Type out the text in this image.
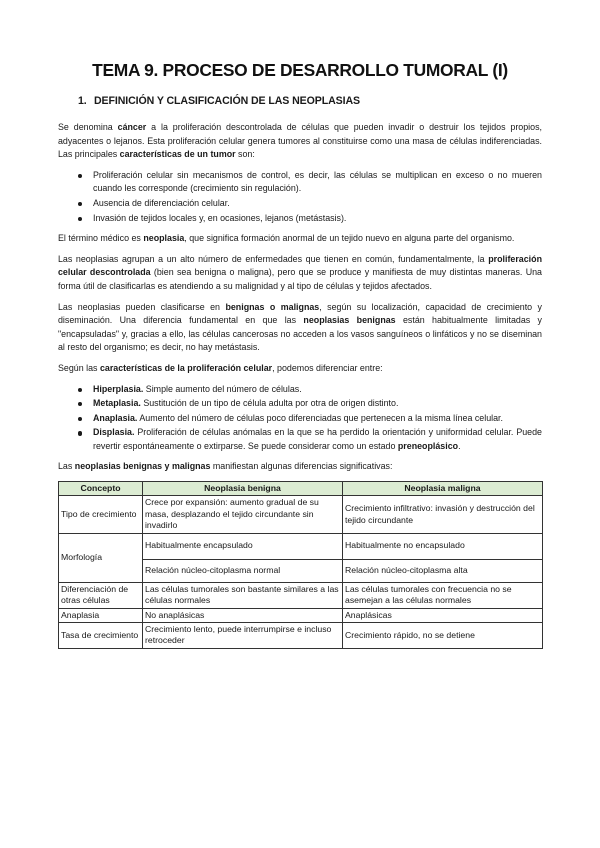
TEMA 9. PROCESO DE DESARROLLO TUMORAL (I)
1. DEFINICIÓN Y CLASIFICACIÓN DE LAS NEOPLASIAS

Se denomina cáncer a la proliferación descontrolada de células que pueden invadir o destruir los tejidos propios, adyacentes o lejanos. Esta proliferación celular genera tumores al constituirse como una masa de células indiferenciadas. Las principales características de un tumor son:

Proliferación celular sin mecanismos de control, es decir, las células se multiplican en exceso o no mueren cuando les corresponde (crecimiento sin regulación).
Ausencia de diferenciación celular.
Invasión de tejidos locales y, en ocasiones, lejanos (metástasis).

El término médico es neoplasia, que significa formación anormal de un tejido nuevo en alguna parte del organismo.

Las neoplasias agrupan a un alto número de enfermedades que tienen en común, fundamentalmente, la proliferación celular descontrolada (bien sea benigna o maligna), pero que se produce y manifiesta de muy distintas maneras. Una forma útil de clasificarlas es atendiendo a su malignidad y al tipo de células y tejidos afectados.

Las neoplasias pueden clasificarse en benignas o malignas, según su localización, capacidad de crecimiento y diseminación. Una diferencia fundamental en que las neoplasias benignas están habitualmente limitadas y "encapsuladas" y, gracias a ello, las células cancerosas no acceden a los vasos sanguíneos o linfáticos y no se diseminan al resto del organismo; es decir, no hay metástasis.

Según las características de la proliferación celular, podemos diferenciar entre:

Hiperplasia. Simple aumento del número de células.
Metaplasia. Sustitución de un tipo de célula adulta por otra de origen distinto.
Anaplasia. Aumento del número de células poco diferenciadas que pertenecen a la misma línea celular.
Displasia. Proliferación de células anómalas en la que se ha perdido la orientación y uniformidad celular. Puede revertir espontáneamente o extirparse. Se puede considerar como un estado preneoplásico.

Las neoplasias benignas y malignas manifiestan algunas diferencias significativas:

Concepto	Neoplasia benigna	Neoplasia maligna
Tipo de crecimiento	Crece por expansión: aumento gradual de su masa, desplazando el tejido circundante sin invadirlo	Crecimiento infiltrativo: invasión y destrucción del tejido circundante
Morfología	Habitualmente encapsulado	Habitualmente no encapsulado
	Relación núcleo-citoplasma normal	Relación núcleo-citoplasma alta
Diferenciación de otras células	Las células tumorales son bastante similares a las células normales	Las células tumorales con frecuencia no se asemejan a las células normales
Anaplasia	No anaplásicas	Anaplásicas
Tasa de crecimiento	Crecimiento lento, puede interrumpirse e incluso retroceder	Crecimiento rápido, no se detiene
